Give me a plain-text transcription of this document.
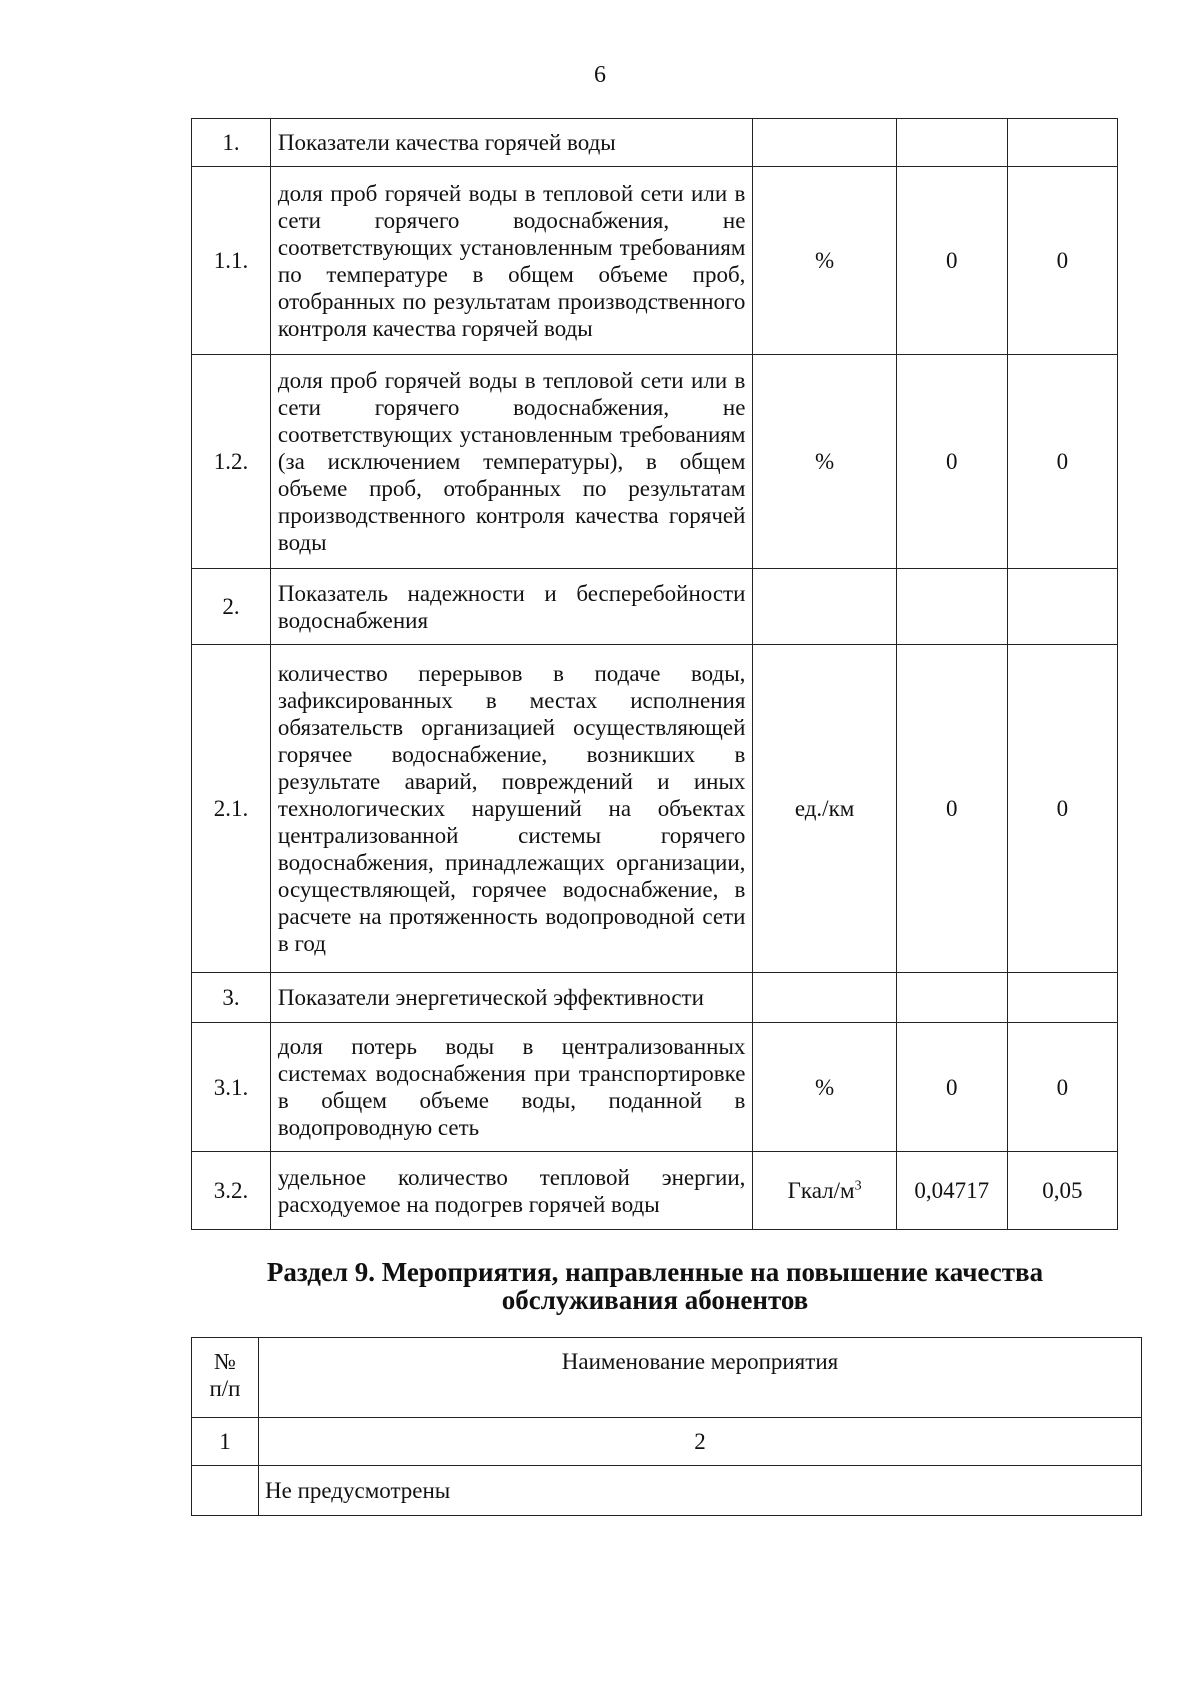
6
1.	Показатели качества горячей воды			
1.1.	доля проб горячей воды в тепловой сети или в сети горячего водоснабжения, не соответствующих установленным требованиям по температуре в общем объеме проб, отобранных по результатам производственного контроля качества горячей воды	%	0	0
1.2.	доля проб горячей воды в тепловой сети или в сети горячего водоснабжения, не соответствующих установленным требованиям (за исключением температуры), в общем объеме проб, отобранных по результатам производственного контроля качества горячей воды	%	0	0
2.	Показатель надежности и бесперебойности водоснабжения			
2.1.	количество перерывов в подаче воды, зафиксированных в местах исполнения обязательств организацией осуществляющей горячее водоснабжение, возникших в результате аварий, повреждений и иных технологических нарушений на объектах централизованной системы горячего водоснабжения, принадлежащих организации, осуществляющей, горячее водоснабжение, в расчете на протяженность водопроводной сети в год	ед./км	0	0
3.	Показатели энергетической эффективности			
3.1.	доля потерь воды в централизованных системах водоснабжения при транспортировке в общем объеме воды, поданной в водопроводную сеть	%	0	0
3.2.	удельное количество тепловой энергии, расходуемое на подогрев горячей воды	Гкал/$м^3$	0,04717	0,05
Раздел 9. Мероприятия, направленные на повышение качества
обслуживания абонентов
№
п/п	Наименование мероприятия
1	2
	Не предусмотрены
